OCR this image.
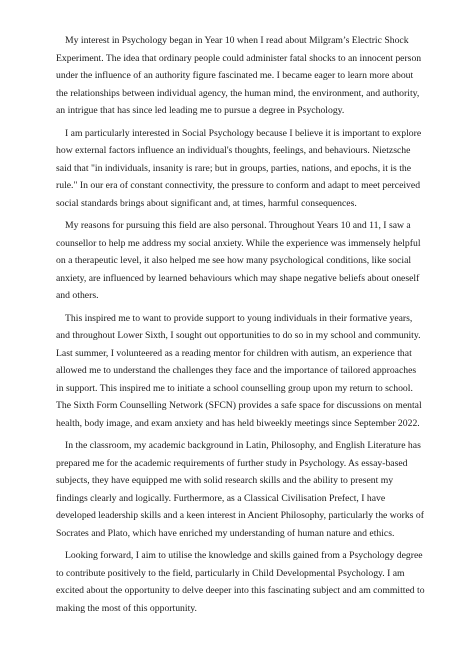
My interest in Psychology began in Year 10 when I read about Milgram’s Electric Shock Experiment. The idea that ordinary people could administer fatal shocks to an innocent person under the influence of an authority figure fascinated me. I became eager to learn more about the relationships between individual agency, the human mind, the environment, and authority, an intrigue that has since led leading me to pursue a degree in Psychology.

I am particularly interested in Social Psychology because I believe it is important to explore how external factors influence an individual's thoughts, feelings, and behaviours. Nietzsche said that "in individuals, insanity is rare; but in groups, parties, nations, and epochs, it is the rule." In our era of constant connectivity, the pressure to conform and adapt to meet perceived social standards brings about significant and, at times, harmful consequences.

My reasons for pursuing this field are also personal. Throughout Years 10 and 11, I saw a counsellor to help me address my social anxiety. While the experience was immensely helpful on a therapeutic level, it also helped me see how many psychological conditions, like social anxiety, are influenced by learned behaviours which may shape negative beliefs about oneself and others.

This inspired me to want to provide support to young individuals in their formative years, and throughout Lower Sixth, I sought out opportunities to do so in my school and community. Last summer, I volunteered as a reading mentor for children with autism, an experience that allowed me to understand the challenges they face and the importance of tailored approaches in support. This inspired me to initiate a school counselling group upon my return to school. The Sixth Form Counselling Network (SFCN) provides a safe space for discussions on mental health, body image, and exam anxiety and has held biweekly meetings since September 2022.

In the classroom, my academic background in Latin, Philosophy, and English Literature has prepared me for the academic requirements of further study in Psychology. As essay-based subjects, they have equipped me with solid research skills and the ability to present my findings clearly and logically. Furthermore, as a Classical Civilisation Prefect, I have developed leadership skills and a keen interest in Ancient Philosophy, particularly the works of Socrates and Plato, which have enriched my understanding of human nature and ethics.

Looking forward, I aim to utilise the knowledge and skills gained from a Psychology degree to contribute positively to the field, particularly in Child Developmental Psychology. I am excited about the opportunity to delve deeper into this fascinating subject and am committed to making the most of this opportunity.
